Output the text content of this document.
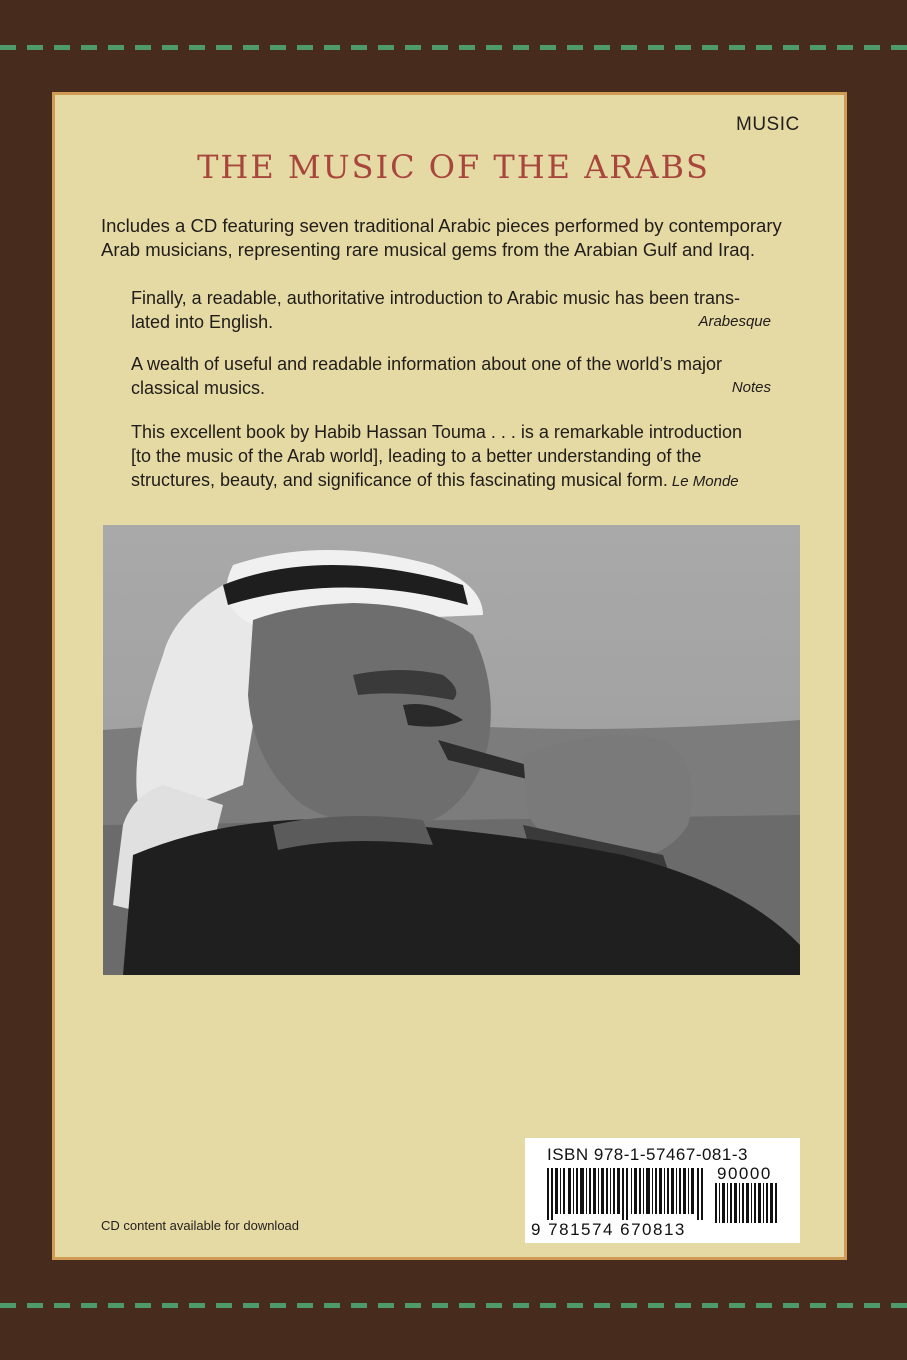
MUSIC
THE MUSIC OF THE ARABS
Includes a CD featuring seven traditional Arabic pieces performed by contemporary Arab musicians, representing rare musical gems from the Arabian Gulf and Iraq.
Finally, a readable, authoritative introduction to Arabic music has been trans-
lated into English.	Arabesque
A wealth of useful and readable information about one of the world’s major
classical musics.	Notes
This excellent book by Habib Hassan Touma . . . is a remarkable introduction
[to the music of the Arab world], leading to a better understanding of the
structures, beauty, and significance of this fascinating musical form. Le Monde
CD content available for download
ISBN 978-1-57467-081-3
90000
9 781574 670813
